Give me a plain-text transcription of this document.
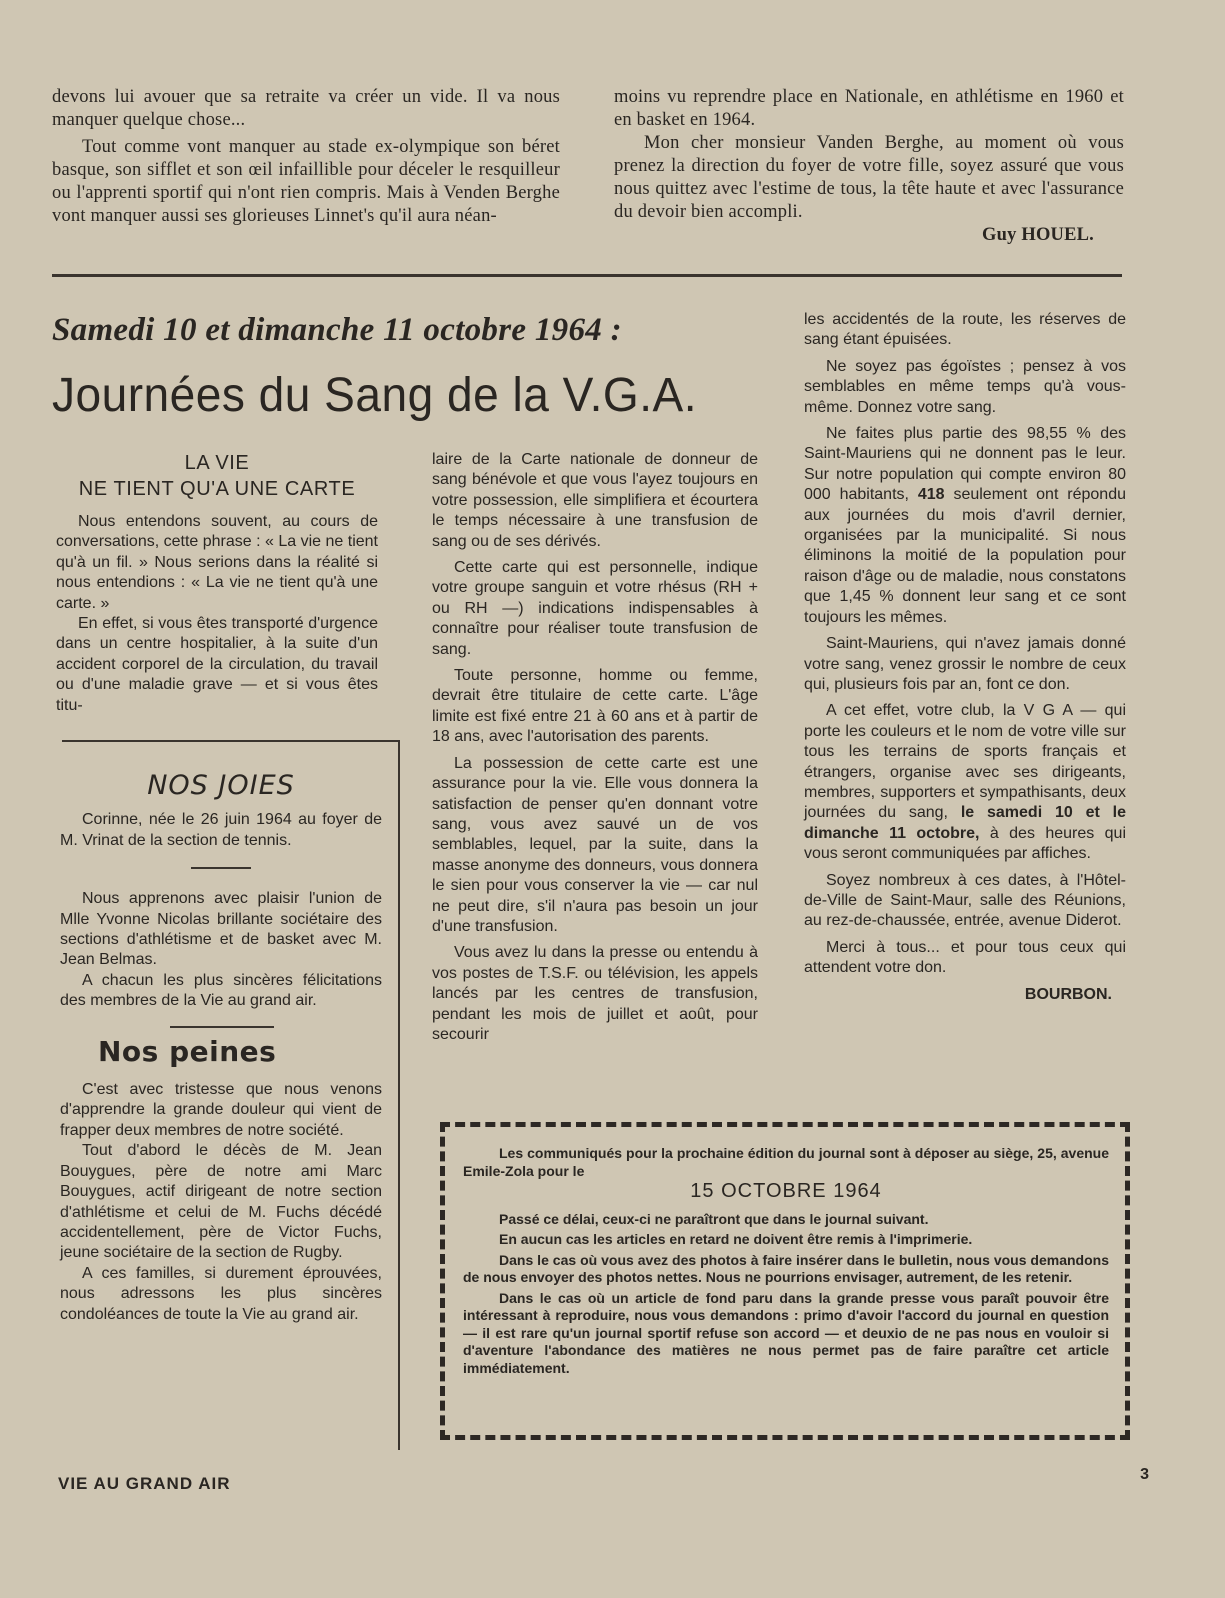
devons lui avouer que sa retraite va créer un vide. Il va nous manquer quelque chose...

Tout comme vont manquer au stade ex-olympique son béret basque, son sifflet et son œil infaillible pour déceler le resquilleur ou l'apprenti sportif qui n'ont rien compris. Mais à Venden Berghe vont manquer aussi ses glorieuses Linnet's qu'il aura néan-

moins vu reprendre place en Nationale, en athlétisme en 1960 et en basket en 1964.

Mon cher monsieur Vanden Berghe, au moment où vous prenez la direction du foyer de votre fille, soyez assuré que vous nous quittez avec l'estime de tous, la tête haute et avec l'assurance du devoir bien accompli.

Guy HOUEL.

Samedi 10 et dimanche 11 octobre 1964 :
Journées du Sang de la V.G.A.
LA VIE
NE TIENT QU'A UNE CARTE

Nous entendons souvent, au cours de conversations, cette phrase : « La vie ne tient qu'à un fil. » Nous serions dans la réalité si nous entendions : « La vie ne tient qu'à une carte. »

En effet, si vous êtes transporté d'urgence dans un centre hospitalier, à la suite d'un accident corporel de la circulation, du travail ou d'une maladie grave — et si vous êtes titu-

NOS JOIES

Corinne, née le 26 juin 1964 au foyer de M. Vrinat de la section de tennis.

Nous apprenons avec plaisir l'union de Mlle Yvonne Nicolas brillante sociétaire des sections d'athlétisme et de basket avec M. Jean Belmas.

A chacun les plus sincères félicitations des membres de la Vie au grand air.

Nos peines

C'est avec tristesse que nous venons d'apprendre la grande douleur qui vient de frapper deux membres de notre société.

Tout d'abord le décès de M. Jean Bouygues, père de notre ami Marc Bouygues, actif dirigeant de notre section d'athlétisme et celui de M. Fuchs décédé accidentellement, père de Victor Fuchs, jeune sociétaire de la section de Rugby.

A ces familles, si durement éprouvées, nous adressons les plus sincères condoléances de toute la Vie au grand air.

laire de la Carte nationale de donneur de sang bénévole et que vous l'ayez toujours en votre possession, elle simplifiera et écourtera le temps nécessaire à une transfusion de sang ou de ses dérivés.

Cette carte qui est personnelle, indique votre groupe sanguin et votre rhésus (RH + ou RH —) indications indispensables à connaître pour réaliser toute transfusion de sang.

Toute personne, homme ou femme, devrait être titulaire de cette carte. L'âge limite est fixé entre 21 à 60 ans et à partir de 18 ans, avec l'autorisation des parents.

La possession de cette carte est une assurance pour la vie. Elle vous donnera la satisfaction de penser qu'en donnant votre sang, vous avez sauvé un de vos semblables, lequel, par la suite, dans la masse anonyme des donneurs, vous donnera le sien pour vous conserver la vie — car nul ne peut dire, s'il n'aura pas besoin un jour d'une transfusion.

Vous avez lu dans la presse ou entendu à vos postes de T.S.F. ou télévision, les appels lancés par les centres de transfusion, pendant les mois de juillet et août, pour secourir

les accidentés de la route, les réserves de sang étant épuisées.

Ne soyez pas égoïstes ; pensez à vos semblables en même temps qu'à vous-même. Donnez votre sang.

Ne faites plus partie des 98,55 % des Saint-Mauriens qui ne donnent pas le leur. Sur notre population qui compte environ 80 000 habitants, 418 seulement ont répondu aux journées du mois d'avril dernier, organisées par la municipalité. Si nous éliminons la moitié de la population pour raison d'âge ou de maladie, nous constatons que 1,45 % donnent leur sang et ce sont toujours les mêmes.

Saint-Mauriens, qui n'avez jamais donné votre sang, venez grossir le nombre de ceux qui, plusieurs fois par an, font ce don.

A cet effet, votre club, la V G A — qui porte les couleurs et le nom de votre ville sur tous les terrains de sports français et étrangers, organise avec ses dirigeants, membres, supporters et sympathisants, deux journées du sang, le samedi 10 et le dimanche 11 octobre, à des heures qui vous seront communiquées par affiches.

Soyez nombreux à ces dates, à l'Hôtel-de-Ville de Saint-Maur, salle des Réunions, au rez-de-chaussée, entrée, avenue Diderot.

Merci à tous... et pour tous ceux qui attendent votre don.

BOURBON.

Les communiqués pour la prochaine édition du journal sont à déposer au siège, 25, avenue Emile-Zola pour le

15 OCTOBRE 1964

Passé ce délai, ceux-ci ne paraîtront que dans le journal suivant.

En aucun cas les articles en retard ne doivent être remis à l'imprimerie.

Dans le cas où vous avez des photos à faire insérer dans le bulletin, nous vous demandons de nous envoyer des photos nettes. Nous ne pourrions envisager, autrement, de les retenir.

Dans le cas où un article de fond paru dans la grande presse vous paraît pouvoir être intéressant à reproduire, nous vous demandons : primo d'avoir l'accord du journal en question — il est rare qu'un journal sportif refuse son accord — et deuxio de ne pas nous en vouloir si d'aventure l'abondance des matières ne nous permet pas de faire paraître cet article immédiatement.

VIE AU GRAND AIR	3
